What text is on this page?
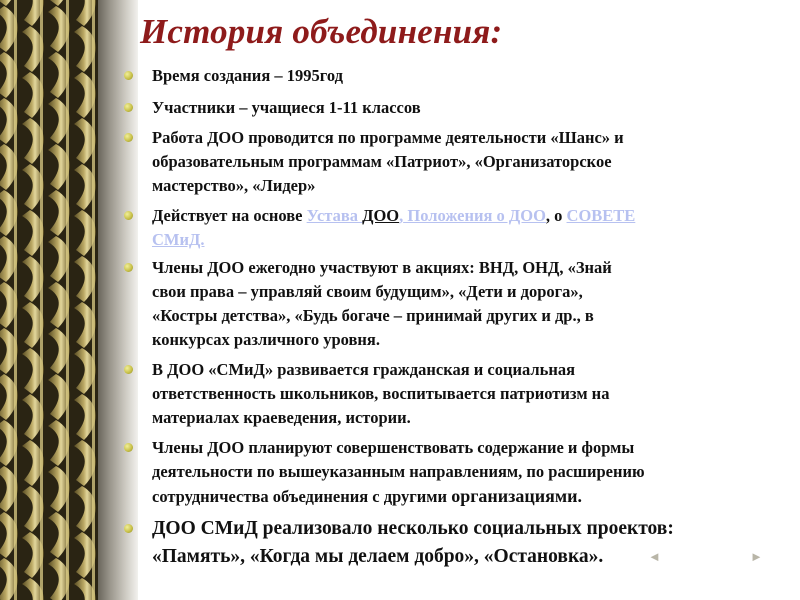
История объединения:
Время создания – 1995год
Участники – учащиеся 1-11 классов
Работа ДОО проводится по программе деятельности «Шанс» и
образовательным программам «Патриот», «Организаторское
мастерство», «Лидер»
Действует на основе Устава ДОО, Положения о ДОО, о СОВЕТЕ
СМиД.
Члены ДОО ежегодно участвуют в акциях: ВНД, ОНД, «Знай
свои права – управляй своим будущим», «Дети и дорога»,
«Костры детства», «Будь богаче – принимай других и др., в
конкурсах различного уровня.
В ДОО «СМиД» развивается гражданская и социальная
ответственность школьников, воспитывается патриотизм на
материалах краеведения, истории.
Члены ДОО планируют совершенствовать содержание и формы
деятельности по вышеуказанным направлениям, по расширению
сотрудничества объединения с другими организациями.
ДОО СМиД реализовало несколько социальных проектов:
«Память», «Когда мы делаем добро», «Остановка».	◄	►
